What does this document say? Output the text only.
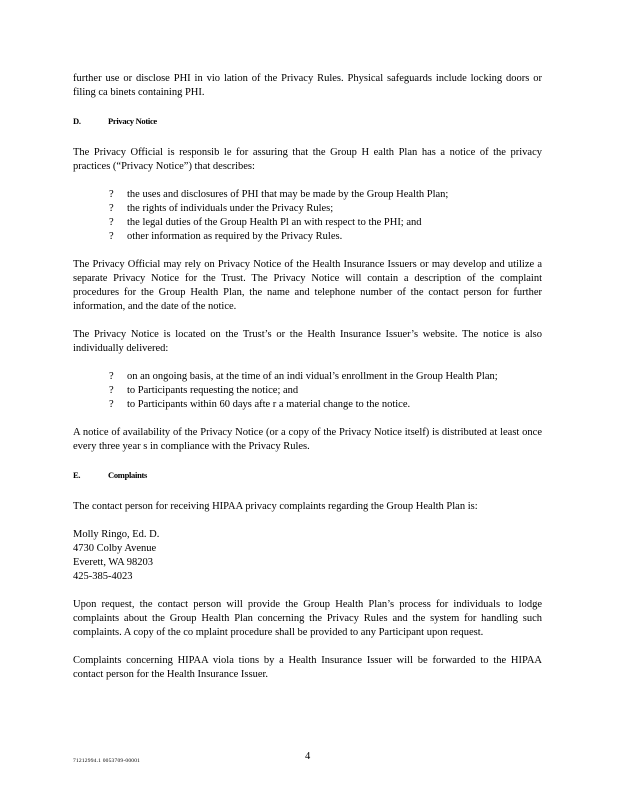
further use or disclose PHI in vio lation of the Privacy Rules. Physical safeguards include locking doors or filing ca binets containing PHI.

D.	Privacy Notice

The Privacy Official is responsib le for assuring that the Group H ealth Plan has a notice of the privacy practices (“Privacy Notice”) that describes:

?	the uses and disclosures of PHI that may be made by the Group Health Plan;
?	the rights of individuals under the Privacy Rules;
?	the legal duties of the Group Health Pl an with respect to the PHI; and
?	other information as required by the Privacy Rules.

The Privacy Official may rely on Privacy Notice of the Health Insurance Issuers or may develop and utilize a separate Privacy Notice for the Trust. The Privacy Notice will contain a description of the complaint procedures for the Group Health Plan, the name and telephone number of the contact person for further information, and the date of the notice.

The Privacy Notice is located on the Trust’s or the Health Insurance Issuer’s website. The notice is also individually delivered:

?	on an ongoing basis, at the time of an indi vidual’s enrollment in the Group Health Plan;
?	to Participants requesting the notice; and
?	to Participants within 60 days afte r a material change to the notice.

A notice of availability of the Privacy Notice (or a copy of the Privacy Notice itself) is distributed at least once every three year s in compliance with the Privacy Rules.

E.	Complaints

The contact person for receiving HIPAA privacy complaints regarding the Group Health Plan is:

Molly Ringo, Ed. D.
4730 Colby Avenue
Everett, WA 98203
425-385-4023

Upon request, the contact person will provide the Group Health Plan’s process for individuals to lodge complaints about the Group Health Plan concerning the Privacy Rules and the system for handling such complaints. A copy of the co mplaint procedure shall be provided to any Participant upon request.

Complaints concerning HIPAA viola tions by a Health Insurance Issuer will be forwarded to the HIPAA contact person for the Health Insurance Issuer.

71212994.1 0053709-00001	4
